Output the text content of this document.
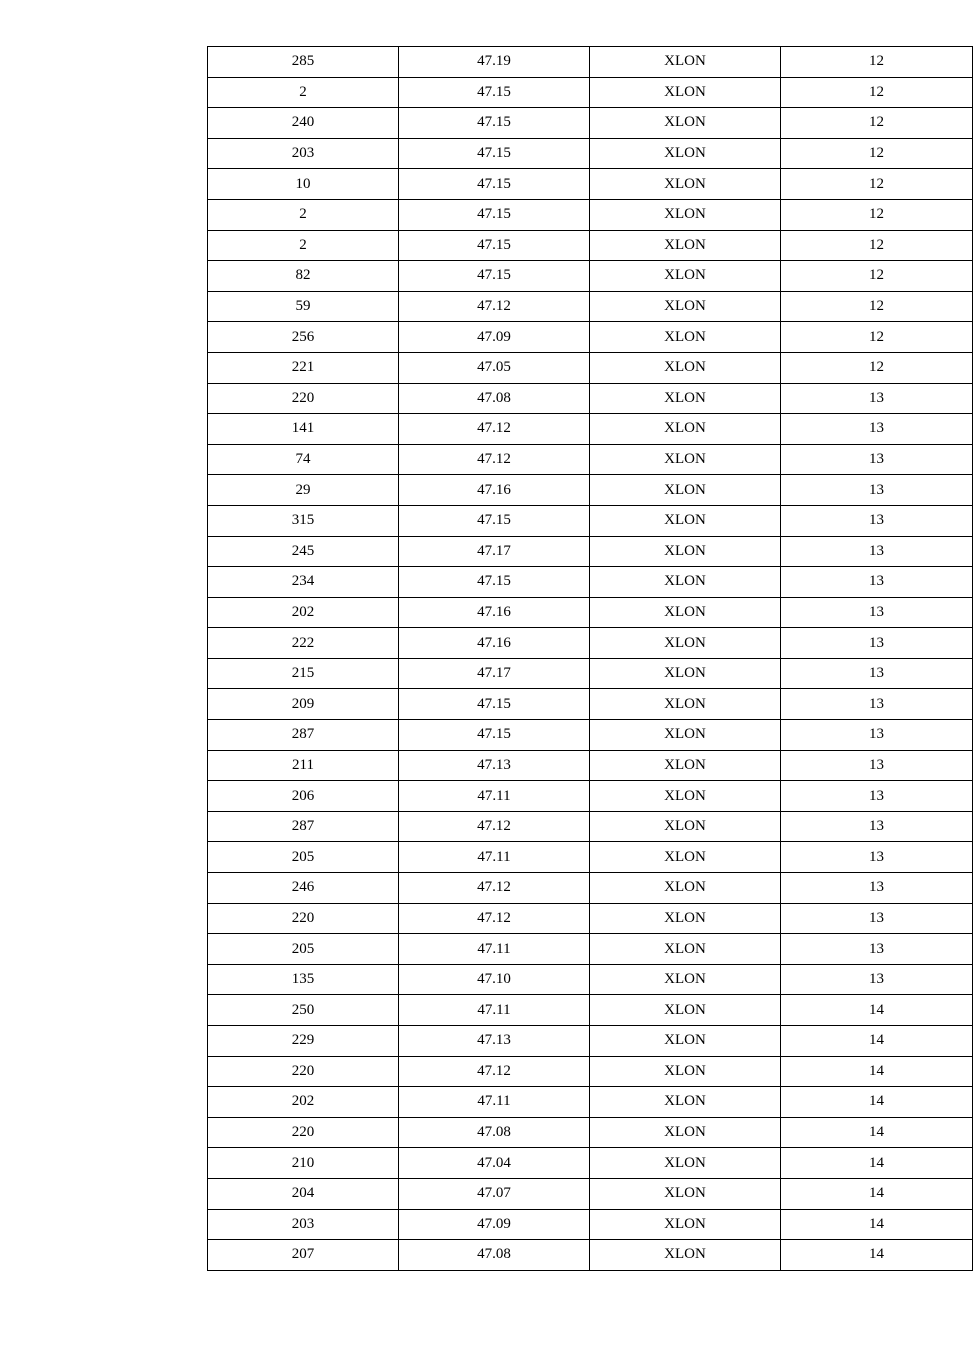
285	47.19	XLON	12
2	47.15	XLON	12
240	47.15	XLON	12
203	47.15	XLON	12
10	47.15	XLON	12
2	47.15	XLON	12
2	47.15	XLON	12
82	47.15	XLON	12
59	47.12	XLON	12
256	47.09	XLON	12
221	47.05	XLON	12
220	47.08	XLON	13
141	47.12	XLON	13
74	47.12	XLON	13
29	47.16	XLON	13
315	47.15	XLON	13
245	47.17	XLON	13
234	47.15	XLON	13
202	47.16	XLON	13
222	47.16	XLON	13
215	47.17	XLON	13
209	47.15	XLON	13
287	47.15	XLON	13
211	47.13	XLON	13
206	47.11	XLON	13
287	47.12	XLON	13
205	47.11	XLON	13
246	47.12	XLON	13
220	47.12	XLON	13
205	47.11	XLON	13
135	47.10	XLON	13
250	47.11	XLON	14
229	47.13	XLON	14
220	47.12	XLON	14
202	47.11	XLON	14
220	47.08	XLON	14
210	47.04	XLON	14
204	47.07	XLON	14
203	47.09	XLON	14
207	47.08	XLON	14
